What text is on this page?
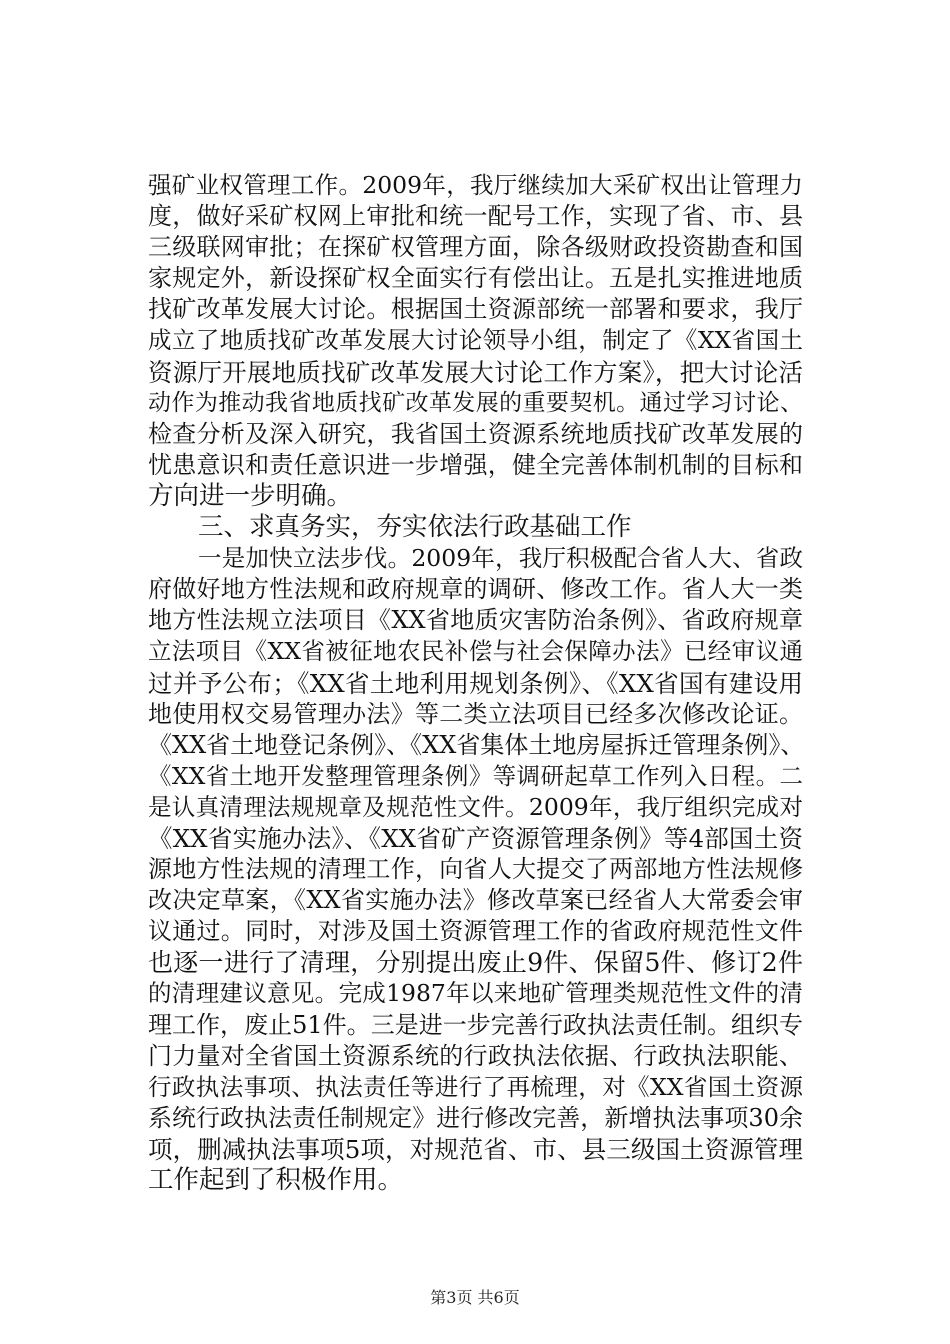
强矿业权管理工作。2009年，我厅继续加大采矿权出让管理力
度，做好采矿权网上审批和统一配号工作，实现了省、市、县
三级联网审批；在探矿权管理方面，除各级财政投资勘查和国
家规定外，新设探矿权全面实行有偿出让。五是扎实推进地质
找矿改革发展大讨论。根据国土资源部统一部署和要求，我厅
成立了地质找矿改革发展大讨论领导小组，制定了《XX省国土
资源厅开展地质找矿改革发展大讨论工作方案》，把大讨论活
动作为推动我省地质找矿改革发展的重要契机。通过学习讨论、
检查分析及深入研究，我省国土资源系统地质找矿改革发展的
忧患意识和责任意识进一步增强，健全完善体制机制的目标和
方向进一步明确。
三、求真务实，夯实依法行政基础工作
一是加快立法步伐。2009年，我厅积极配合省人大、省政
府做好地方性法规和政府规章的调研、修改工作。省人大一类
地方性法规立法项目《XX省地质灾害防治条例》、省政府规章
立法项目《XX省被征地农民补偿与社会保障办法》已经审议通
过并予公布；《XX省土地利用规划条例》、《XX省国有建设用
地使用权交易管理办法》等二类立法项目已经多次修改论证。
《XX省土地登记条例》、《XX省集体土地房屋拆迁管理条例》、
《XX省土地开发整理管理条例》等调研起草工作列入日程。二
是认真清理法规规章及规范性文件。2009年，我厅组织完成对
《XX省实施办法》、《XX省矿产资源管理条例》等4部国土资
源地方性法规的清理工作，向省人大提交了两部地方性法规修
改决定草案，《XX省实施办法》修改草案已经省人大常委会审
议通过。同时，对涉及国土资源管理工作的省政府规范性文件
也逐一进行了清理，分别提出废止9件、保留5件、修订2件
的清理建议意见。完成1987年以来地矿管理类规范性文件的清
理工作，废止51件。三是进一步完善行政执法责任制。组织专
门力量对全省国土资源系统的行政执法依据、行政执法职能、
行政执法事项、执法责任等进行了再梳理，对《XX省国土资源
系统行政执法责任制规定》进行修改完善，新增执法事项30余
项，删减执法事项5项，对规范省、市、县三级国土资源管理
工作起到了积极作用。
第3页 共6页
